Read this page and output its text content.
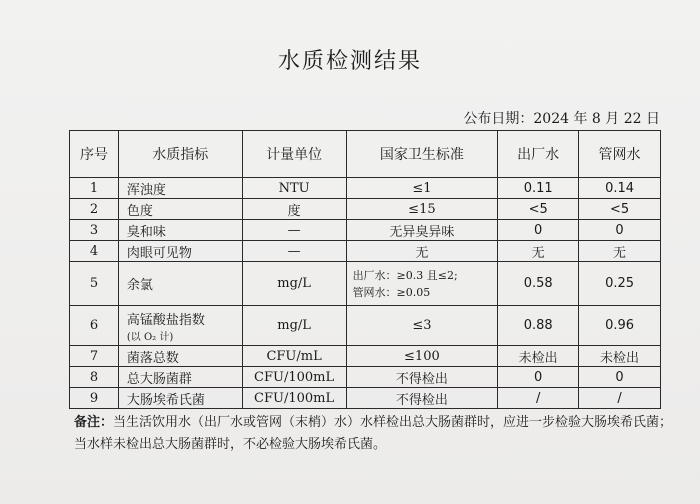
水质检测结果
公布日期：2024 年 8 月 22 日
序号	水质指标	计量单位	国家卫生标准	出厂水	管网水
1	浑浊度	NTU	≤1	0.11	0.14
2	色度	度	≤15	<5	<5
3	臭和味	—	无异臭异味	0	0
4	肉眼可见物	—	无	无	无
5	余氯	mg/L	出厂水：≥0.3 且≤2;
管网水：≥0.05	0.58	0.25
6	高锰酸盐指数
(以 O₂ 计)	mg/L	≤3	0.88	0.96
7	菌落总数	CFU/mL	≤100	未检出	未检出
8	总大肠菌群	CFU/100mL	不得检出	0	0
9	大肠埃希氏菌	CFU/100mL	不得检出	/	/
备注：当生活饮用水（出厂水或管网（末梢）水）水样检出总大肠菌群时，应进一步检验大肠埃希氏菌；当水样未检出总大肠菌群时，不必检验大肠埃希氏菌。
